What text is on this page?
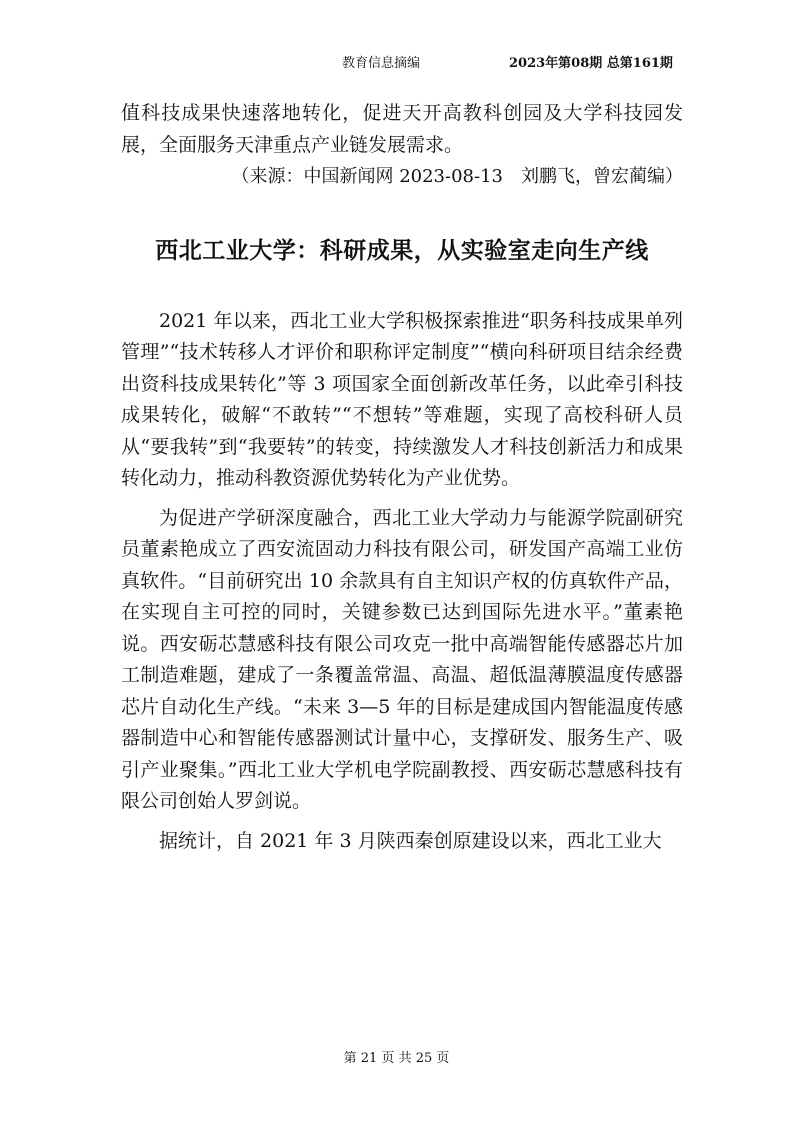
教育信息摘编	2023年第08期 总第161期

值科技成果快速落地转化，促进天开高教科创园及大学科技园发展，全面服务天津重点产业链发展需求。

（来源：中国新闻网 2023-08-13　刘鹏飞，曾宏蔺编）

西北工业大学：科研成果，从实验室走向生产线

2021 年以来，西北工业大学积极探索推进“职务科技成果单列管理”“技术转移人才评价和职称评定制度”“横向科研项目结余经费出资科技成果转化”等 3 项国家全面创新改革任务，以此牵引科技成果转化，破解“不敢转”“不想转”等难题，实现了高校科研人员从“要我转”到“我要转”的转变，持续激发人才科技创新活力和成果转化动力，推动科教资源优势转化为产业优势。

为促进产学研深度融合，西北工业大学动力与能源学院副研究员董素艳成立了西安流固动力科技有限公司，研发国产高端工业仿真软件。“目前研究出 10 余款具有自主知识产权的仿真软件产品，在实现自主可控的同时，关键参数已达到国际先进水平。”董素艳说。西安砺芯慧感科技有限公司攻克一批中高端智能传感器芯片加工制造难题，建成了一条覆盖常温、高温、超低温薄膜温度传感器芯片自动化生产线。“未来 3—5 年的目标是建成国内智能温度传感器制造中心和智能传感器测试计量中心，支撑研发、服务生产、吸引产业聚集。”西北工业大学机电学院副教授、西安砺芯慧感科技有限公司创始人罗剑说。

据统计，自 2021 年 3 月陕西秦创原建设以来，西北工业大

第 21 页 共 25 页
